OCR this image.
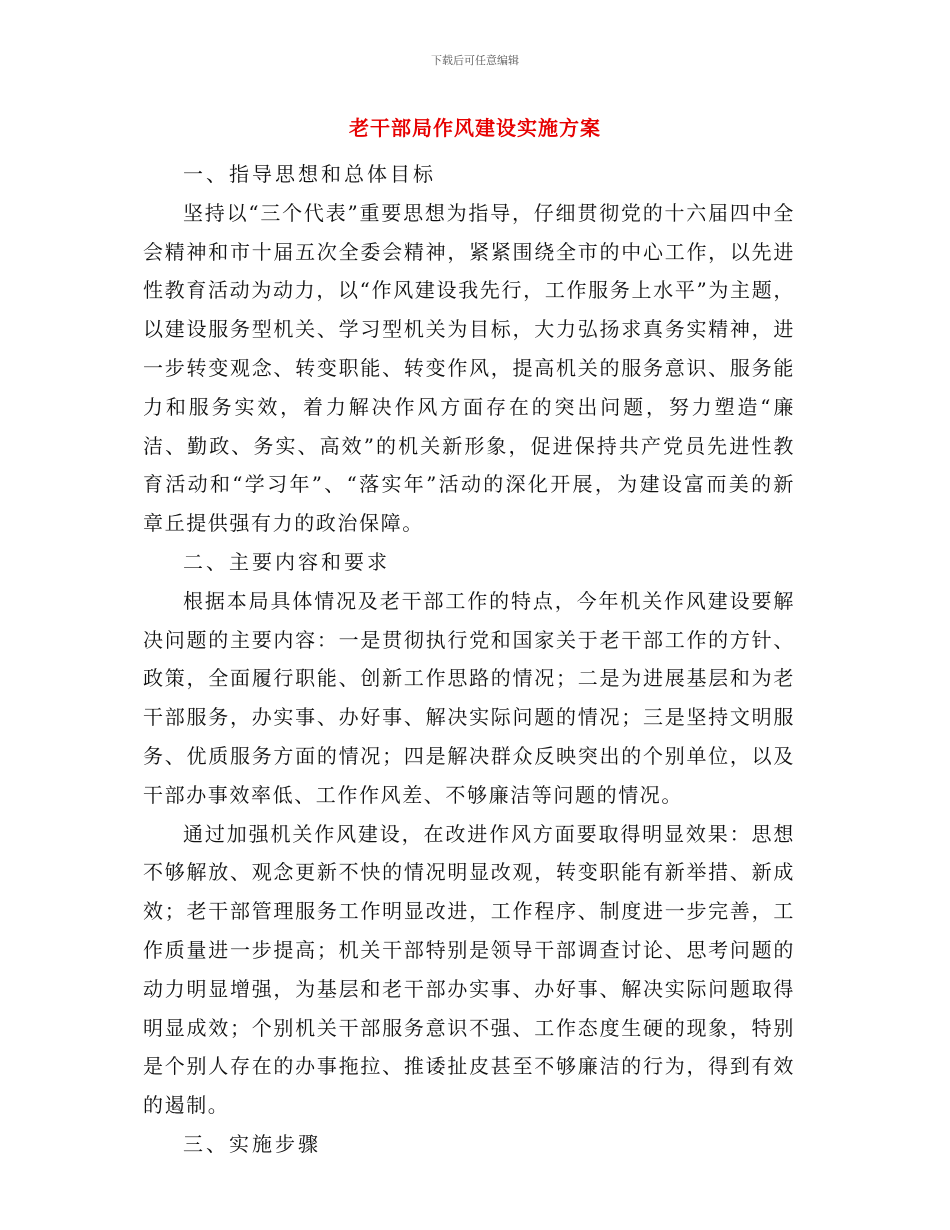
下载后可任意编辑
老干部局作风建设实施方案

一、指导思想和总体目标

坚持以“三个代表”重要思想为指导，仔细贯彻党的十六届四中全会精神和市十届五次全委会精神，紧紧围绕全市的中心工作，以先进性教育活动为动力，以“作风建设我先行，工作服务上水平”为主题，以建设服务型机关、学习型机关为目标，大力弘扬求真务实精神，进一步转变观念、转变职能、转变作风，提高机关的服务意识、服务能力和服务实效，着力解决作风方面存在的突出问题，努力塑造“廉洁、勤政、务实、高效”的机关新形象，促进保持共产党员先进性教育活动和“学习年”、“落实年”活动的深化开展，为建设富而美的新章丘提供强有力的政治保障。

二、主要内容和要求

根据本局具体情况及老干部工作的特点，今年机关作风建设要解决问题的主要内容：一是贯彻执行党和国家关于老干部工作的方针、政策，全面履行职能、创新工作思路的情况；二是为进展基层和为老干部服务，办实事、办好事、解决实际问题的情况；三是坚持文明服务、优质服务方面的情况；四是解决群众反映突出的个别单位，以及干部办事效率低、工作作风差、不够廉洁等问题的情况。

通过加强机关作风建设，在改进作风方面要取得明显效果：思想不够解放、观念更新不快的情况明显改观，转变职能有新举措、新成效；老干部管理服务工作明显改进，工作程序、制度进一步完善，工作质量进一步提高；机关干部特别是领导干部调查讨论、思考问题的动力明显增强，为基层和老干部办实事、办好事、解决实际问题取得明显成效；个别机关干部服务意识不强、工作态度生硬的现象，特别是个别人存在的办事拖拉、推诿扯皮甚至不够廉洁的行为，得到有效的遏制。

三、实施步骤
